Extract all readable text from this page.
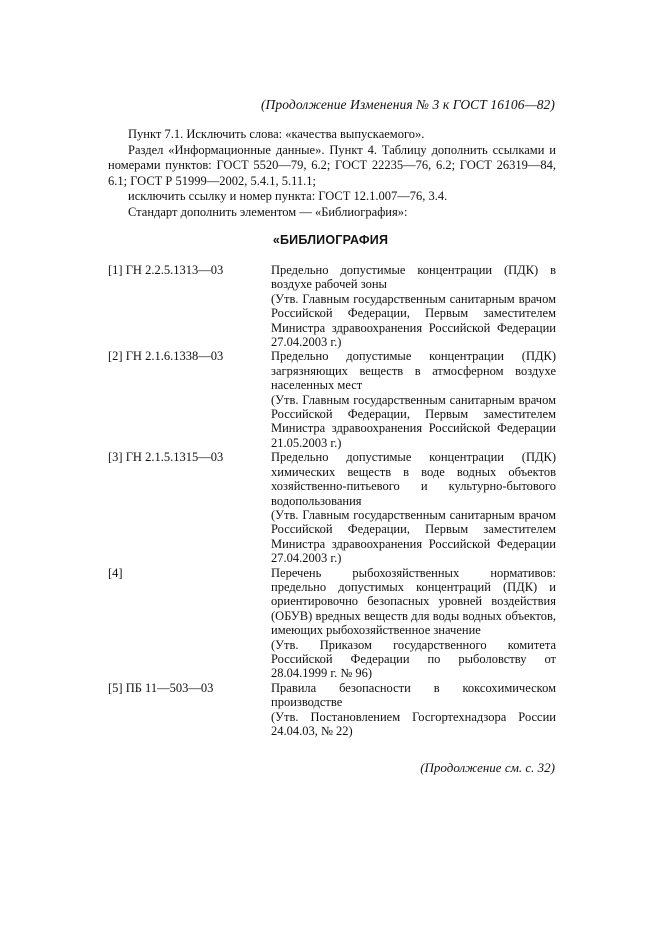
(Продолжение Изменения № 3 к ГОСТ 16106—82)

Пункт 7.1. Исключить слова: «качества выпускаемого».

Раздел «Информационные данные». Пункт 4. Таблицу дополнить ссылками и номерами пунктов: ГОСТ 5520—79, 6.2; ГОСТ 22235—76, 6.2; ГОСТ 26319—84, 6.1; ГОСТ Р 51999—2002, 5.4.1, 5.11.1;

исключить ссылку и номер пункта: ГОСТ 12.1.007—76, 3.4.

Стандарт дополнить элементом — «Библиография»:

«БИБЛИОГРАФИЯ
[1] ГН 2.2.5.1313—03	Предельно допустимые концентрации (ПДК) в воздухе рабочей зоны

(Утв. Главным государственным санитарным врачом Российской Федерации, Первым заместителем Министра здравоохранения Российской Федерации 27.04.2003 г.)

[2] ГН 2.1.6.1338—03	Предельно допустимые концентрации (ПДК) загрязняющих веществ в атмосферном воздухе населенных мест

(Утв. Главным государственным санитарным врачом Российской Федерации, Первым заместителем Министра здравоохранения Российской Федерации 21.05.2003 г.)

[3] ГН 2.1.5.1315—03	Предельно допустимые концентрации (ПДК) химических веществ в воде водных объектов хозяйственно-питьевого и культурно-бытового водопользования

(Утв. Главным государственным санитарным врачом Российской Федерации, Первым заместителем Министра здравоохранения Российской Федерации 27.04.2003 г.)

[4]	Перечень рыбохозяйственных нормативов: предельно допустимых концентраций (ПДК) и ориентировочно безопасных уровней воздействия (ОБУВ) вредных веществ для воды водных объектов, имеющих рыбохозяйственное значение

(Утв. Приказом государственного комитета Российской Федерации по рыболовству от 28.04.1999 г. № 96)

[5] ПБ 11—503—03	Правила безопасности в коксохимическом производстве

(Утв. Постановлением Госгортехнадзора России 24.04.03, № 22)

(Продолжение см. с. 32)
